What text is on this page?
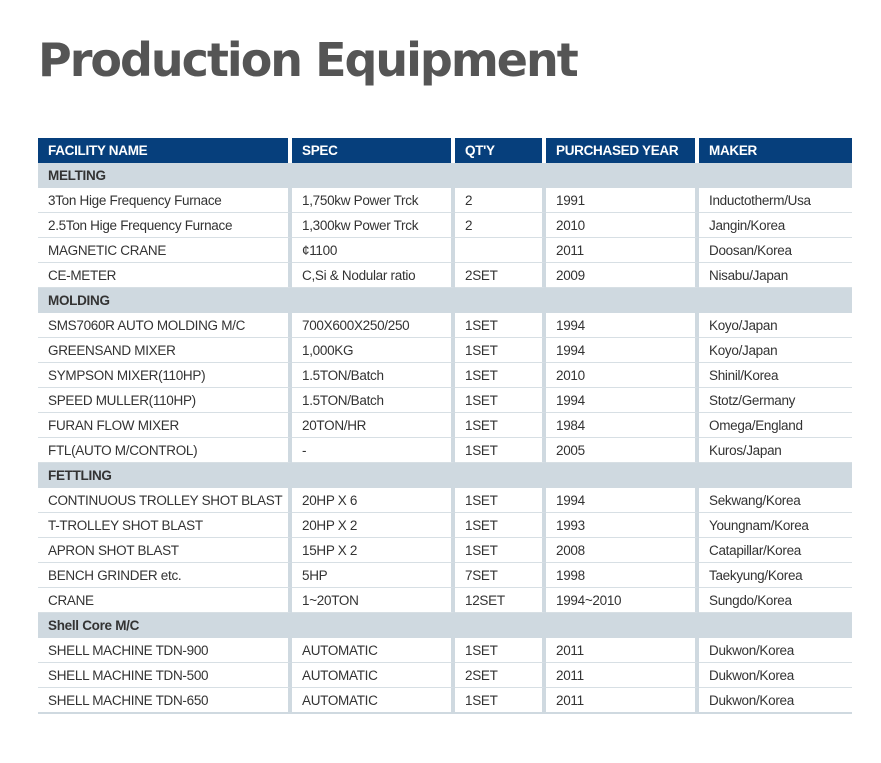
Production Equipment
FACILITY NAME	SPEC	QT'Y	PURCHASED YEAR	MAKER
MELTING				
3Ton Hige Frequency Furnace	1,750kw Power Trck	2	1991	Inductotherm/Usa
2.5Ton Hige Frequency Furnace	1,300kw Power Trck	2	2010	Jangin/Korea
MAGNETIC CRANE	¢1100		2011	Doosan/Korea
CE-METER	C,Si & Nodular ratio	2SET	2009	Nisabu/Japan
MOLDING				
SMS7060R AUTO MOLDING M/C	700X600X250/250	1SET	1994	Koyo/Japan
GREENSAND MIXER	1,000KG	1SET	1994	Koyo/Japan
SYMPSON MIXER(110HP)	1.5TON/Batch	1SET	2010	Shinil/Korea
SPEED MULLER(110HP)	1.5TON/Batch	1SET	1994	Stotz/Germany
FURAN FLOW MIXER	20TON/HR	1SET	1984	Omega/England
FTL(AUTO M/CONTROL)	-	1SET	2005	Kuros/Japan
FETTLING				
CONTINUOUS TROLLEY SHOT BLAST	20HP X 6	1SET	1994	Sekwang/Korea
T-TROLLEY SHOT BLAST	20HP X 2	1SET	1993	Youngnam/Korea
APRON SHOT BLAST	15HP X 2	1SET	2008	Catapillar/Korea
BENCH GRINDER etc.	5HP	7SET	1998	Taekyung/Korea
CRANE	1~20TON	12SET	1994~2010	Sungdo/Korea
Shell Core M/C				
SHELL MACHINE TDN-900	AUTOMATIC	1SET	2011	Dukwon/Korea
SHELL MACHINE TDN-500	AUTOMATIC	2SET	2011	Dukwon/Korea
SHELL MACHINE TDN-650	AUTOMATIC	1SET	2011	Dukwon/Korea
